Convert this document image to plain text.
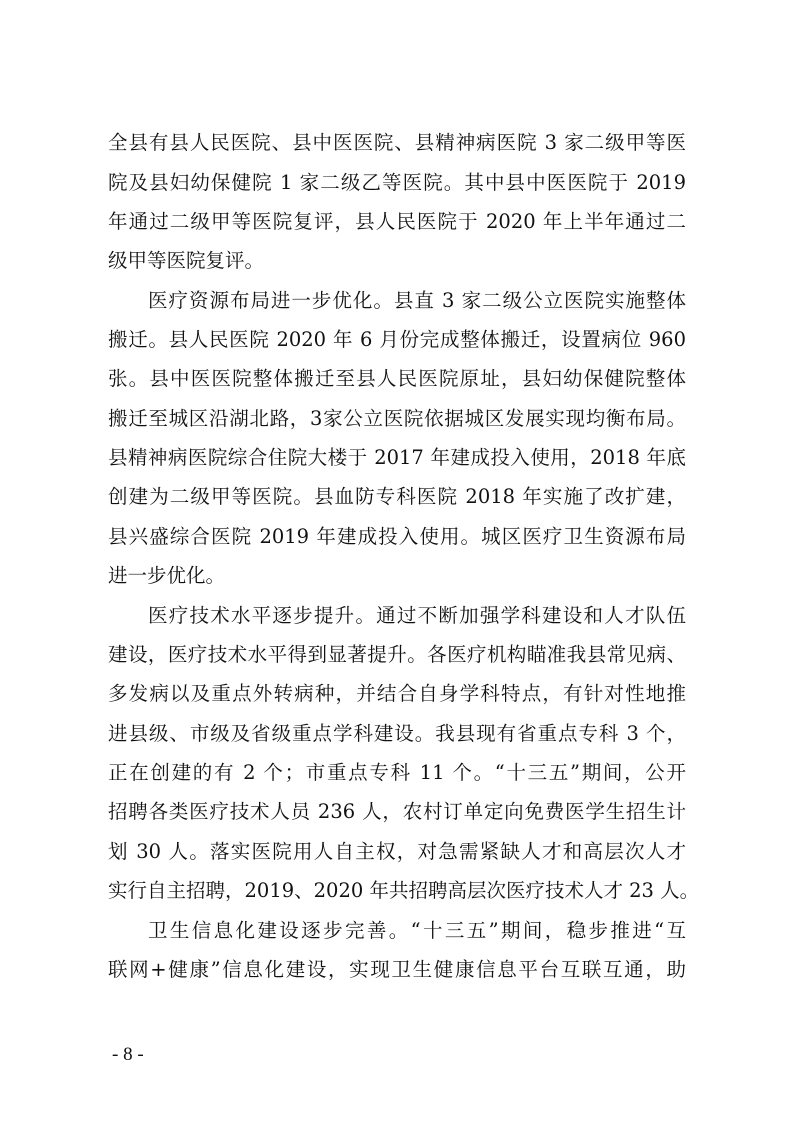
全县有县人民医院、县中医医院、县精神病医院 3 家二级甲等医
院及县妇幼保健院 1 家二级乙等医院。其中县中医医院于 2019
年通过二级甲等医院复评，县人民医院于 2020 年上半年通过二
级甲等医院复评。
医疗资源布局进一步优化。县直 3 家二级公立医院实施整体
搬迁。县人民医院 2020 年 6 月份完成整体搬迁，设置病位 960
张。县中医医院整体搬迁至县人民医院原址，县妇幼保健院整体
搬迁至城区沿湖北路，3家公立医院依据城区发展实现均衡布局。
县精神病医院综合住院大楼于 2017 年建成投入使用，2018 年底
创建为二级甲等医院。县血防专科医院 2018 年实施了改扩建，
县兴盛综合医院 2019 年建成投入使用。城区医疗卫生资源布局
进一步优化。
医疗技术水平逐步提升。通过不断加强学科建设和人才队伍
建设，医疗技术水平得到显著提升。各医疗机构瞄准我县常见病、
多发病以及重点外转病种，并结合自身学科特点，有针对性地推
进县级、市级及省级重点学科建设。我县现有省重点专科 3 个，
正在创建的有 2 个；市重点专科 11 个。“十三五”期间，公开
招聘各类医疗技术人员 236 人，农村订单定向免费医学生招生计
划 30 人。落实医院用人自主权，对急需紧缺人才和高层次人才
实行自主招聘，2019、2020 年共招聘高层次医疗技术人才 23 人。
卫生信息化建设逐步完善。“十三五”期间，稳步推进“互
联网+健康”信息化建设，实现卫生健康信息平台互联互通，助
- 8 -
